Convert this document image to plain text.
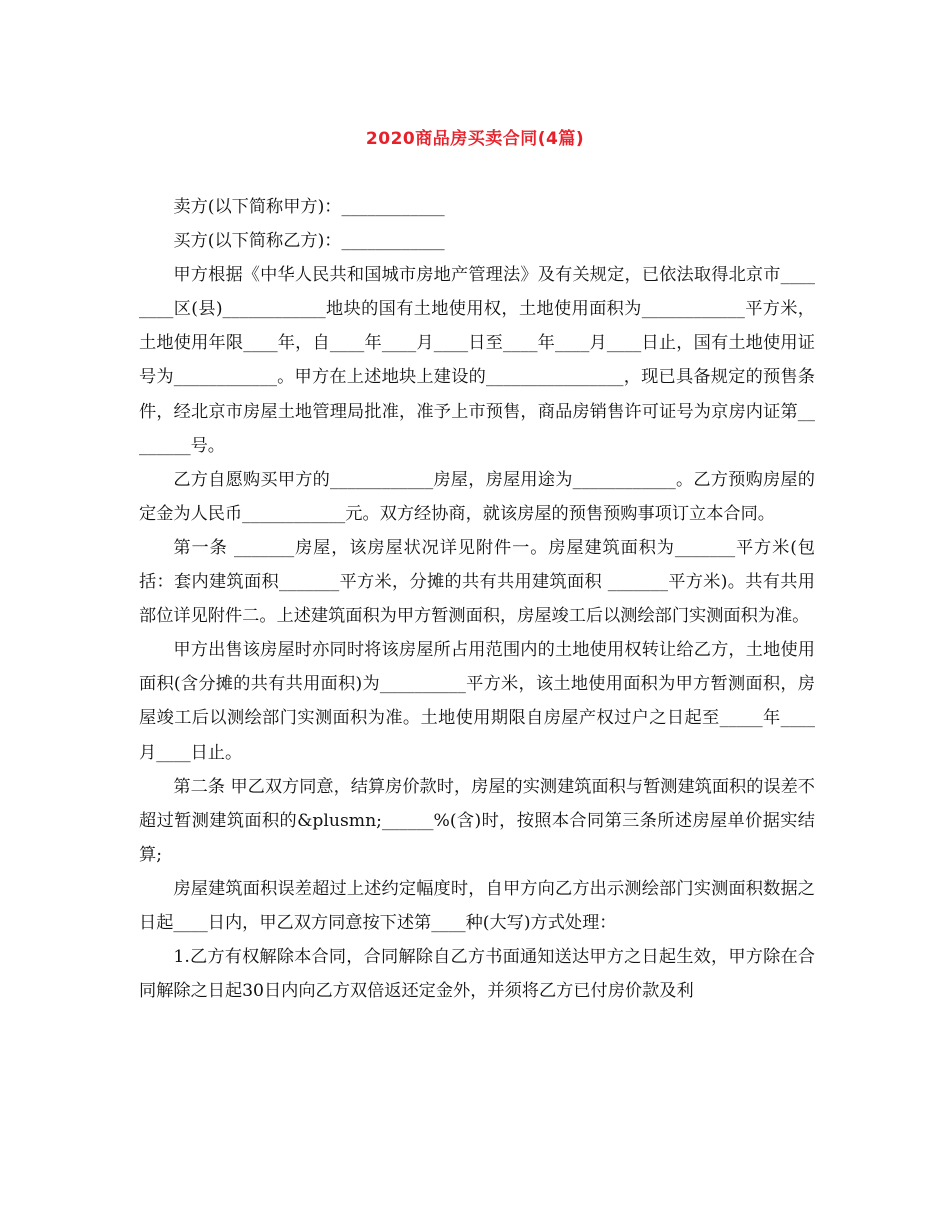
2020商品房买卖合同(4篇)

卖方(以下简称甲方)：____________

买方(以下简称乙方)：____________

甲方根据《中华人民共和国城市房地产管理法》及有关规定，已依法取得北京市________区(县)____________地块的国有土地使用权，土地使用面积为____________平方米，土地使用年限____年，自____年____月____日至____年____月____日止，国有土地使用证号为____________。甲方在上述地块上建设的________________，现已具备规定的预售条件，经北京市房屋土地管理局批准，准予上市预售，商品房销售许可证号为京房内证第________号。

乙方自愿购买甲方的____________房屋，房屋用途为____________。乙方预购房屋的定金为人民币____________元。双方经协商，就该房屋的预售预购事项订立本合同。

第一条 _______房屋，该房屋状况详见附件一。房屋建筑面积为_______平方米(包括：套内建筑面积_______平方米，分摊的共有共用建筑面积 _______平方米)。共有共用部位详见附件二。上述建筑面积为甲方暂测面积，房屋竣工后以测绘部门实测面积为准。

甲方出售该房屋时亦同时将该房屋所占用范围内的土地使用权转让给乙方，土地使用面积(含分摊的共有共用面积)为__________平方米，该土地使用面积为甲方暂测面积，房屋竣工后以测绘部门实测面积为准。土地使用期限自房屋产权过户之日起至_____年____月____日止。

第二条 甲乙双方同意，结算房价款时，房屋的实测建筑面积与暂测建筑面积的误差不超过暂测建筑面积的&plusmn;______%(含)时，按照本合同第三条所述房屋单价据实结算;

房屋建筑面积误差超过上述约定幅度时，自甲方向乙方出示测绘部门实测面积数据之日起____日内，甲乙双方同意按下述第____种(大写)方式处理：

1.乙方有权解除本合同，合同解除自乙方书面通知送达甲方之日起生效，甲方除在合同解除之日起30日内向乙方双倍返还定金外，并须将乙方已付房价款及利
